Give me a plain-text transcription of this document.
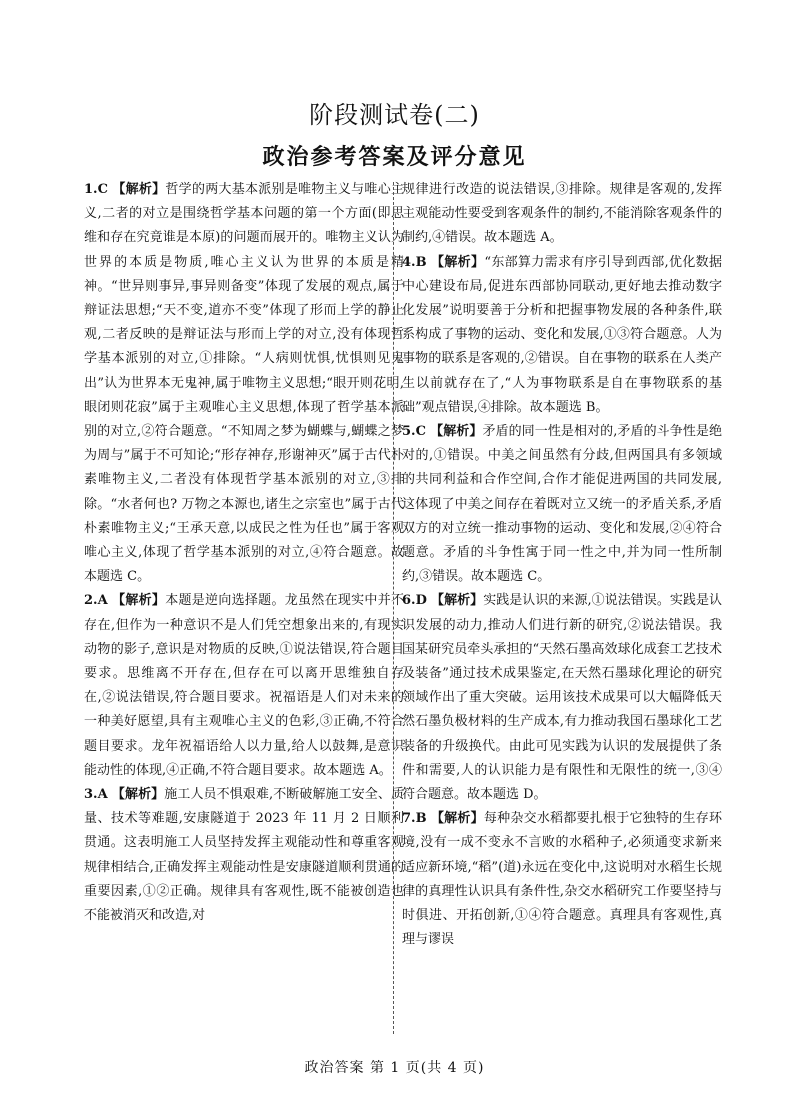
阶段测试卷(二)
政治参考答案及评分意见

1.C 【解析】哲学的两大基本派别是唯物主义与唯心主义,二者的对立是围绕哲学基本问题的第一个方面(即思维和存在究竟谁是本原)的问题而展开的。唯物主义认为世界的本质是物质,唯心主义认为世界的本质是精神。“世异则事异,事异则备变”体现了发展的观点,属于辩证法思想;“天不变,道亦不变”体现了形而上学的静止观,二者反映的是辩证法与形而上学的对立,没有体现哲学基本派别的对立,①排除。“人病则忧惧,忧惧则见鬼出”认为世界本无鬼神,属于唯物主义思想;“眼开则花明,眼闭则花寂”属于主观唯心主义思想,体现了哲学基本派别的对立,②符合题意。“不知周之梦为蝴蝶与,蝴蝶之梦为周与”属于不可知论;“形存神存,形谢神灭”属于古代朴素唯物主义,二者没有体现哲学基本派别的对立,③排除。“水者何也? 万物之本源也,诸生之宗室也”属于古代朴素唯物主义;“王承天意,以成民之性为任也”属于客观唯心主义,体现了哲学基本派别的对立,④符合题意。故本题选 C。

2.A 【解析】本题是逆向选择题。龙虽然在现实中并不存在,但作为一种意识不是人们凭空想象出来的,有现实动物的影子,意识是对物质的反映,①说法错误,符合题目要求。思维离不开存在,但存在可以离开思维独自存在,②说法错误,符合题目要求。祝福语是人们对未来的一种美好愿望,具有主观唯心主义的色彩,③正确,不符合题目要求。龙年祝福语给人以力量,给人以鼓舞,是意识能动性的体现,④正确,不符合题目要求。故本题选 A。

3.A 【解析】施工人员不惧艰难,不断破解施工安全、质量、技术等难题,安康隧道于 2023 年 11 月 2 日顺利贯通。这表明施工人员坚持发挥主观能动性和尊重客观规律相结合,正确发挥主观能动性是安康隧道顺利贯通的重要因素,①②正确。规律具有客观性,既不能被创造也不能被消灭和改造,对

规律进行改造的说法错误,③排除。规律是客观的,发挥主观能动性要受到客观条件的制约,不能消除客观条件的制约,④错误。故本题选 A。

4.B 【解析】“东部算力需求有序引导到西部,优化数据中心建设布局,促进东西部协同联动,更好地去推动数字化发展”说明要善于分析和把握事物发展的各种条件,联系构成了事物的运动、变化和发展,①③符合题意。人为事物的联系是客观的,②错误。自在事物的联系在人类产生以前就存在了,“人为事物联系是自在事物联系的基础”观点错误,④排除。故本题选 B。

5.C 【解析】矛盾的同一性是相对的,矛盾的斗争性是绝对的,①错误。中美之间虽然有分歧,但两国具有多领域的共同利益和合作空间,合作才能促进两国的共同发展,这体现了中美之间存在着既对立又统一的矛盾关系,矛盾双方的对立统一推动事物的运动、变化和发展,②④符合题意。矛盾的斗争性寓于同一性之中,并为同一性所制约,③错误。故本题选 C。

6.D 【解析】实践是认识的来源,①说法错误。实践是认识发展的动力,推动人们进行新的研究,②说法错误。我国某研究员牵头承担的“天然石墨高效球化成套工艺技术及装备”通过技术成果鉴定,在天然石墨球化理论的研究领域作出了重大突破。运用该技术成果可以大幅降低天然石墨负极材料的生产成本,有力推动我国石墨球化工艺装备的升级换代。由此可见实践为认识的发展提供了条件和需要,人的认识能力是有限性和无限性的统一,③④符合题意。故本题选 D。

7.B 【解析】每种杂交水稻都要扎根于它独特的生存环境,没有一成不变永不言败的水稻种子,必须通变求新来适应新环境,“稻”(道)永远在变化中,这说明对水稻生长规律的真理性认识具有条件性,杂交水稻研究工作要坚持与时俱进、开拓创新,①④符合题意。真理具有客观性,真理与谬误

政治答案 第 1 页(共 4 页)
